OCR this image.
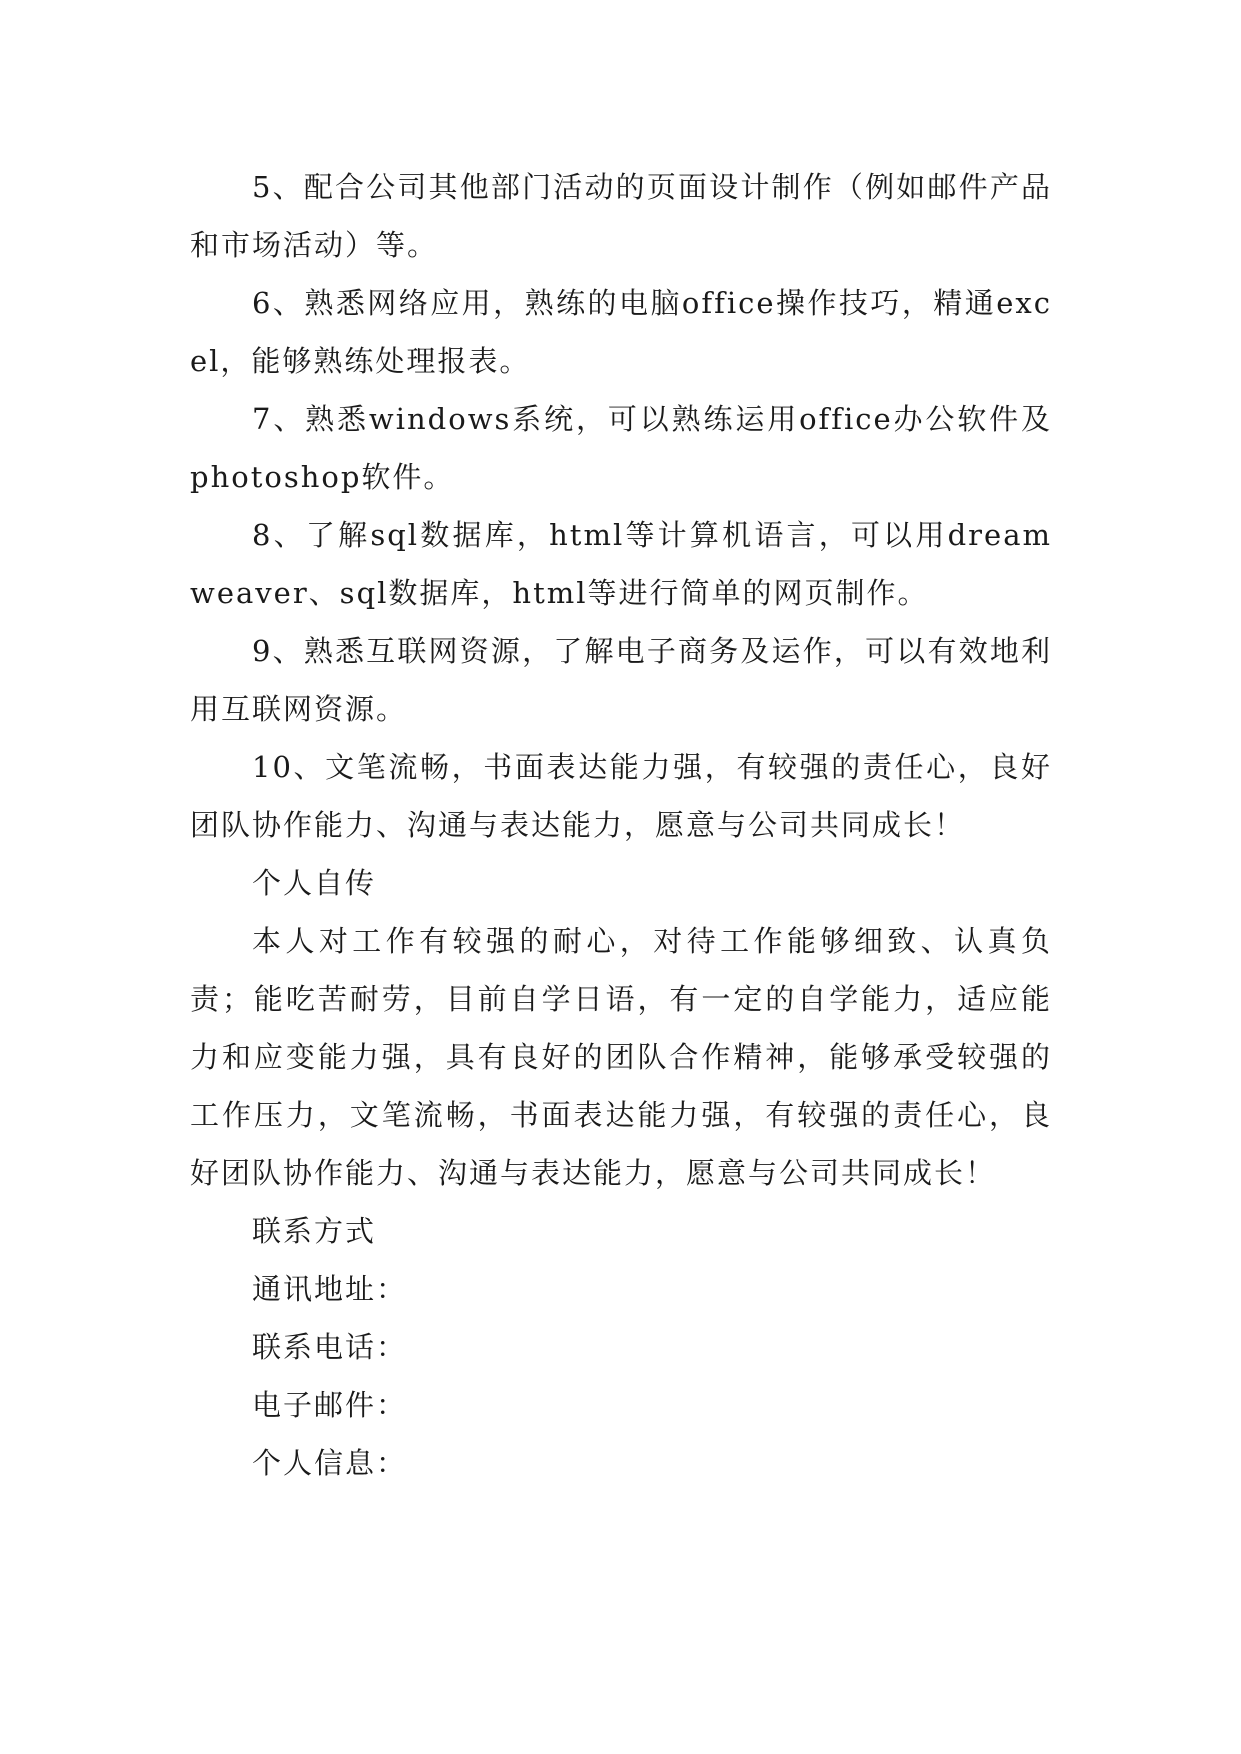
5、配合公司其他部门活动的页面设计制作（例如邮件产品和市场活动）等。

6、熟悉网络应用，熟练的电脑office操作技巧，精通excel，能够熟练处理报表。

7、熟悉windows系统，可以熟练运用office办公软件及photoshop软件。

8、了解sql数据库，html等计算机语言，可以用dreamweaver、sql数据库，html等进行简单的网页制作。

9、熟悉互联网资源，了解电子商务及运作，可以有效地利用互联网资源。

10、文笔流畅，书面表达能力强，有较强的责任心，良好团队协作能力、沟通与表达能力，愿意与公司共同成长！

个人自传

本人对工作有较强的耐心，对待工作能够细致、认真负责；能吃苦耐劳，目前自学日语，有一定的自学能力，适应能力和应变能力强，具有良好的团队合作精神，能够承受较强的工作压力，文笔流畅，书面表达能力强，有较强的责任心，良好团队协作能力、沟通与表达能力，愿意与公司共同成长！

联系方式

通讯地址：

联系电话：

电子邮件：

个人信息：
